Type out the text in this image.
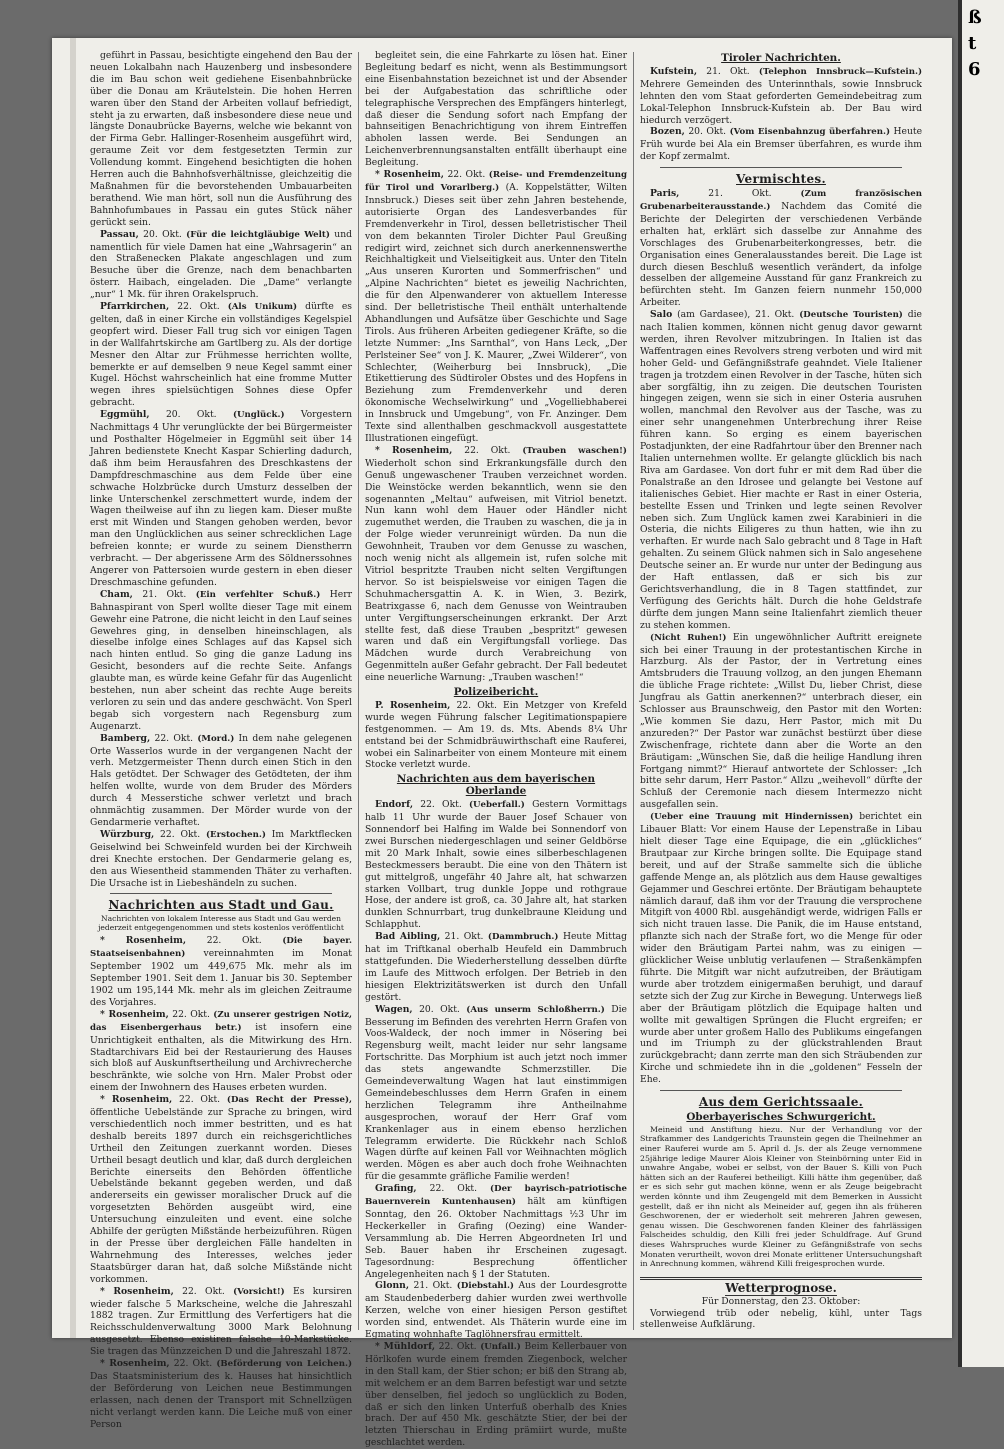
geführt in Passau, besichtigte eingehend den Bau der neuen Lokalbahn nach Hauzenberg und insbesondere die im Bau schon weit gediehene Eisenbahnbrücke über die Donau am Kräutelstein. Die hohen Herren waren über den Stand der Arbeiten vollauf befriedigt, steht ja zu erwarten, daß insbesondere diese neue und längste Donaubrücke Bayerns, welche wie bekannt von der Firma Gebr. Hallinger-Rosenheim ausgeführt wird, geraume Zeit vor dem festgesetzten Termin zur Vollendung kommt. Eingehend besichtigten die hohen Herren auch die Bahnhofsverhältnisse, gleichzeitig die Maßnahmen für die bevorstehenden Umbauarbeiten berathend. Wie man hört, soll nun die Ausführung des Bahnhofumbaues in Passau ein gutes Stück näher gerückt sein.

Passau, 20. Okt. (Für die leichtgläubige Welt) und namentlich für viele Damen hat eine „Wahrsagerin“ an den Straßenecken Plakate angeschlagen und zum Besuche über die Grenze, nach dem benachbarten österr. Haibach, eingeladen. Die „Dame“ verlangte „nur“ 1 Mk. für ihren Orakelspruch.

Pfarrkirchen, 22. Okt. (Als Unikum) dürfte es gelten, daß in einer Kirche ein vollständiges Kegelspiel geopfert wird. Dieser Fall trug sich vor einigen Tagen in der Wallfahrtskirche am Gartlberg zu. Als der dortige Mesner den Altar zur Frühmesse herrichten wollte, bemerkte er auf demselben 9 neue Kegel sammt einer Kugel. Höchst wahrscheinlich hat eine fromme Mutter wegen ihres spielsüchtigen Sohnes diese Opfer gebracht.

Eggmühl, 20. Okt. (Unglück.) Vorgestern Nachmittags 4 Uhr verunglückte der bei Bürgermeister und Posthalter Högelmeier in Eggmühl seit über 14 Jahren bedienstete Knecht Kaspar Schierling dadurch, daß ihm beim Herausfahren des Dreschkastens der Dampfdreschmaschine aus dem Felde über eine schwache Holzbrücke durch Umsturz desselben der linke Unterschenkel zerschmettert wurde, indem der Wagen theilweise auf ihn zu liegen kam. Dieser mußte erst mit Winden und Stangen gehoben werden, bevor man den Unglücklichen aus seiner schrecklichen Lage befreien konnte; er wurde zu seinem Dienstherrn verbracht. — Der abgerissene Arm des Söldnerssohnes Angerer von Pattersoien wurde gestern in eben dieser Dreschmaschine gefunden.

Cham, 21. Okt. (Ein verfehlter Schuß.) Herr Bahnaspirant von Sperl wollte dieser Tage mit einem Gewehr eine Patrone, die nicht leicht in den Lauf seines Gewehres ging, in denselben hineinschlagen, als dieselbe infolge eines Schlages auf das Kapsel sich nach hinten entlud. So ging die ganze Ladung ins Gesicht, besonders auf die rechte Seite. Anfangs glaubte man, es würde keine Gefahr für das Augenlicht bestehen, nun aber scheint das rechte Auge bereits verloren zu sein und das andere geschwächt. Von Sperl begab sich vorgestern nach Regensburg zum Augenarzt.

Bamberg, 22. Okt. (Mord.) In dem nahe gelegenen Orte Wasserlos wurde in der vergangenen Nacht der verh. Metzgermeister Thenn durch einen Stich in den Hals getödtet. Der Schwager des Getödteten, der ihm helfen wollte, wurde von dem Bruder des Mörders durch 4 Messerstiche schwer verletzt und brach ohnmächtig zusammen. Der Mörder wurde von der Gendarmerie verhaftet.

Würzburg, 22. Okt. (Erstochen.) Im Marktflecken Geiselwind bei Schweinfeld wurden bei der Kirchweih drei Knechte erstochen. Der Gendarmerie gelang es, den aus Wiesentheid stammenden Thäter zu verhaften. Die Ursache ist in Liebeshändeln zu suchen.

Nachrichten aus Stadt und Gau.
Nachrichten von lokalem Interesse aus Stadt und Gau werden jederzeit entgegengenommen und stets kostenlos veröffentlicht

* Rosenheim, 22. Okt. (Die bayer. Staatseisenbahnen) vereinnahmten im Monat September 1902 um 449,675 Mk. mehr als im September 1901. Seit dem 1. Januar bis 30. September 1902 um 195,144 Mk. mehr als im gleichen Zeitraume des Vorjahres.

* Rosenheim, 22. Okt. (Zu unserer gestrigen Notiz, das Eisenbergerhaus betr.) ist insofern eine Unrichtigkeit enthalten, als die Mitwirkung des Hrn. Stadtarchivars Eid bei der Restaurierung des Hauses sich bloß auf Auskunftsertheilung und Archivrecherche beschränkte, wie solche von Hrn. Maler Probst oder einem der Inwohnern des Hauses erbeten wurden.

* Rosenheim, 22. Okt. (Das Recht der Presse), öffentliche Uebelstände zur Sprache zu bringen, wird verschiedentlich noch immer bestritten, und es hat deshalb bereits 1897 durch ein reichsgerichtliches Urtheil den Zeitungen zuerkannt worden. Dieses Urtheil besagt deutlich und klar, daß durch dergleichen Berichte einerseits den Behörden öffentliche Uebelstände bekannt gegeben werden, und daß andererseits ein gewisser moralischer Druck auf die vorgesetzten Behörden ausgeübt wird, eine Untersuchung einzuleiten und event. eine solche Abhilfe der gerügten Mißstände herbeizuführen. Rügen in der Presse über dergleichen Fälle handelten in Wahrnehmung des Interesses, welches jeder Staatsbürger daran hat, daß solche Mißstände nicht vorkommen.

* Rosenheim, 22. Okt. (Vorsicht!) Es kursiren wieder falsche 5 Markscheine, welche die Jahreszahl 1882 tragen. Zur Ermittlung des Verfertigers hat die Reichsschuldenverwaltung 3000 Mark Belohnung ausgesetzt. Ebenso existiren falsche 10-Markstücke. Sie tragen das Münzzeichen D und die Jahreszahl 1872.

* Rosenheim, 22. Okt. (Beförderung von Leichen.) Das Staatsministerium des k. Hauses hat hinsichtlich der Beförderung von Leichen neue Bestimmungen erlassen, nach denen der Transport mit Schnellzügen nicht verlangt werden kann. Die Leiche muß von einer Person

begleitet sein, die eine Fahrkarte zu lösen hat. Einer Begleitung bedarf es nicht, wenn als Bestimmungsort eine Eisenbahnstation bezeichnet ist und der Absender bei der Aufgabestation das schriftliche oder telegraphische Versprechen des Empfängers hinterlegt, daß dieser die Sendung sofort nach Empfang der bahnseitigen Benachrichtigung von ihrem Eintreffen abholen lassen werde. Bei Sendungen an Leichenverbrennungsanstalten entfällt überhaupt eine Begleitung.

* Rosenheim, 22. Okt. (Reise- und Fremdenzeitung für Tirol und Vorarlberg.) (A. Koppelstätter, Wilten Innsbruck.) Dieses seit über zehn Jahren bestehende, autorisierte Organ des Landesverbandes für Fremdenverkehr in Tirol, dessen belletristischer Theil von dem bekannten Tiroler Dichter Paul Greußing redigirt wird, zeichnet sich durch anerkennenswerthe Reichhaltigkeit und Vielseitigkeit aus. Unter den Titeln „Aus unseren Kurorten und Sommerfrischen“ und „Alpine Nachrichten“ bietet es jeweilig Nachrichten, die für den Alpenwanderer von aktuellem Interesse sind. Der belletristische Theil enthält unterhaltende Abhandlungen und Aufsätze über Geschichte und Sage Tirols. Aus früheren Arbeiten gediegener Kräfte, so die letzte Nummer: „Ins Sarnthal“, von Hans Leck, „Der Perlsteiner See“ von J. K. Maurer, „Zwei Wilderer“, von Schlechter, (Weiherburg bei Innsbruck), „Die Etikettierung des Südtiroler Obstes und des Hopfens in Beziehung zum Fremdenverkehr und deren ökonomische Wechselwirkung“ und „Vogelliebhaberei in Innsbruck und Umgebung“, von Fr. Anzinger. Dem Texte sind allenthalben geschmackvoll ausgestattete Illustrationen eingefügt.

* Rosenheim, 22. Okt. (Trauben waschen!) Wiederholt schon sind Erkrankungsfälle durch den Genuß ungewaschener Trauben verzeichnet worden. Die Weinstöcke werden bekanntlich, wenn sie den sogenannten „Meltau“ aufweisen, mit Vitriol benetzt. Nun kann wohl dem Hauer oder Händler nicht zugemuthet werden, die Trauben zu waschen, die ja in der Folge wieder verunreinigt würden. Da nun die Gewohnheit, Trauben vor dem Genusse zu waschen, noch wenig nicht als allgemein ist, rufen solche mit Vitriol bespritzte Trauben nicht selten Vergiftungen hervor. So ist beispielsweise vor einigen Tagen die Schuhmachersgattin A. K. in Wien, 3. Bezirk, Beatrixgasse 6, nach dem Genusse von Weintrauben unter Vergiftungserscheinungen erkrankt. Der Arzt stellte fest, daß diese Trauben „bespritzt“ gewesen waren und daß ein Vergiftungsfall vorliege. Das Mädchen wurde durch Verabreichung von Gegenmitteln außer Gefahr gebracht. Der Fall bedeutet eine neuerliche Warnung: „Trauben waschen!“

Polizeibericht.

P. Rosenheim, 22. Okt. Ein Metzger von Krefeld wurde wegen Führung falscher Legitimationspapiere festgenommen. — Am 19. ds. Mts. Abends 8¼ Uhr entstand bei der Schmidbräuwirthschaft eine Rauferei, wobei ein Salinarbeiter von einem Monteure mit einem Stocke verletzt wurde.

Nachrichten aus dem bayerischen Oberlande

Endorf, 22. Okt. (Ueberfall.) Gestern Vormittags halb 11 Uhr wurde der Bauer Josef Schauer von Sonnendorf bei Halfing im Walde bei Sonnendorf von zwei Burschen niedergeschlagen und seiner Geldbörse mit 20 Mark Inhalt, sowie eines silberbeschlagenen Besteckmessers beraubt. Die eine von den Thätern ist gut mittelgroß, ungefähr 40 Jahre alt, hat schwarzen starken Vollbart, trug dunkle Joppe und rothgraue Hose, der andere ist groß, ca. 30 Jahre alt, hat starken dunklen Schnurrbart, trug dunkelbraune Kleidung und Schlapphut.

Bad Aibling, 21. Okt. (Dammbruch.) Heute Mittag hat im Triftkanal oberhalb Heufeld ein Dammbruch stattgefunden. Die Wiederherstellung desselben dürfte im Laufe des Mittwoch erfolgen. Der Betrieb in den hiesigen Elektrizitätswerken ist durch den Unfall gestört.

Wagen, 20. Okt. (Aus unserm Schloßherrn.) Die Besserung im Befinden des verehrten Herrn Grafen von Voos-Waldeck, der noch immer in Nösering bei Regensburg weilt, macht leider nur sehr langsame Fortschritte. Das Morphium ist auch jetzt noch immer das stets angewandte Schmerzstiller. Die Gemeindeverwaltung Wagen hat laut einstimmigen Gemeindebeschlusses dem Herrn Grafen in einem herzlichen Telegramm ihre Antheilnahme ausgesprochen, worauf der Herr Graf vom Krankenlager aus in einem ebenso herzlichen Telegramm erwiderte. Die Rückkehr nach Schloß Wagen dürfte auf keinen Fall vor Weihnachten möglich werden. Mögen es aber auch doch frohe Weihnachten für die gesammte gräfliche Familie werden!

Grafing, 22. Okt. (Der bayrisch-patriotische Bauernverein Kuntenhausen) hält am künftigen Sonntag, den 26. Oktober Nachmittags ½3 Uhr im Heckerkeller in Grafing (Oezing) eine Wander-Versammlung ab. Die Herren Abgeordneten Irl und Seb. Bauer haben ihr Erscheinen zugesagt. Tagesordnung: Besprechung öffentlicher Angelegenheiten nach § 1 der Statuten.

Glonn, 21. Okt. (Diebstahl.) Aus der Lourdesgrotte am Staudenbederberg dahier wurden zwei werthvolle Kerzen, welche von einer hiesigen Person gestiftet worden sind, entwendet. Als Thäterin wurde eine im Egmating wohnhafte Taglöhnersfrau ermittelt.

* Mühldorf, 22. Okt. (Unfall.) Beim Kellerbauer von Hörlkofen wurde einem fremden Ziegenbock, welcher in den Stall kam, der Stier schon; er biß den Strang ab, mit welchem er an dem Barren befestigt war und setzte über denselben, fiel jedoch so unglücklich zu Boden, daß er sich den linken Unterfuß oberhalb des Knies brach. Der auf 450 Mk. geschätzte Stier, der bei der letzten Thierschau in Erding prämiirt wurde, mußte geschlachtet werden.

Tiroler Nachrichten.

Kufstein, 21. Okt. (Telephon Innsbruck—Kufstein.) Mehrere Gemeinden des Unterinnthals, sowie Innsbruck lehnten den vom Staat geforderten Gemeindebeitrag zum Lokal-Telephon Innsbruck-Kufstein ab. Der Bau wird hiedurch verzögert.

Bozen, 20. Okt. (Vom Eisenbahnzug überfahren.) Heute Früh wurde bei Ala ein Bremser überfahren, es wurde ihm der Kopf zermalmt.

Vermischtes.

Paris,	21. Okt.	(Zum französischen Grubenarbeiterausstande.) Nachdem das Comité die Berichte der Delegirten der verschiedenen Verbände erhalten hat, erklärt sich dasselbe zur Annahme des Vorschlages des Grubenarbeiterkongresses, betr. die Organisation eines Generalausstandes bereit. Die Lage ist durch diesen Beschluß wesentlich verändert, da infolge desselben der allgemeine Ausstand für ganz Frankreich zu befürchten steht. Im Ganzen feiern nunmehr 150,000 Arbeiter.

Salo (am Gardasee), 21. Okt. (Deutsche Touristen) die nach Italien kommen, können nicht genug davor gewarnt werden, ihren Revolver mitzubringen. In Italien ist das Waffentragen eines Revolvers streng verboten und wird mit hoher Geld- und Gefängnißstrafe geahndet. Viele Italiener tragen ja trotzdem einen Revolver in der Tasche, hüten sich aber sorgfältig, ihn zu zeigen. Die deutschen Touristen hingegen zeigen, wenn sie sich in einer Osteria ausruhen wollen, manchmal den Revolver aus der Tasche, was zu einer sehr unangenehmen Unterbrechung ihrer Reise führen kann. So erging es einem bayerischen Postadjunkten, der eine Radfahrtour über den Brenner nach Italien unternehmen wollte. Er gelangte glücklich bis nach Riva am Gardasee. Von dort fuhr er mit dem Rad über die Ponalstraße an den Idrosee und gelangte bei Vestone auf italienisches Gebiet. Hier machte er Rast in einer Osteria, bestellte Essen und Trinken und legte seinen Revolver neben sich. Zum Unglück kamen zwei Karabinieri in die Osteria, die nichts Eiligeres zu thun hatten, wie ihn zu verhaften. Er wurde nach Salo gebracht und 8 Tage in Haft gehalten. Zu seinem Glück nahmen sich in Salo angesehene Deutsche seiner an. Er wurde nur unter der Bedingung aus der Haft entlassen, daß er sich bis zur Gerichtsverhandlung, die in 8 Tagen stattfindet, zur Verfügung des Gerichts hält. Durch die hohe Geldstrafe dürfte dem jungen Mann seine Italienfahrt ziemlich theuer zu stehen kommen.

(Nicht Ruhen!) Ein ungewöhnlicher Auftritt ereignete sich bei einer Trauung in der protestantischen Kirche in Harzburg. Als der Pastor, der in Vertretung eines Amtsbruders die Trauung vollzog, an den jungen Ehemann die übliche Frage richtete: „Willst Du, lieber Christ, diese Jungfrau als Gattin anerkennen?“ unterbrach dieser, ein Schlosser aus Braunschweig, den Pastor mit den Worten: „Wie kommen Sie dazu, Herr Pastor, mich mit Du anzureden?“ Der Pastor war zunächst bestürzt über diese Zwischenfrage, richtete dann aber die Worte an den Bräutigam: „Wünschen Sie, daß die heilige Handlung ihren Fortgang nimmt?“ Hierauf antwortete der Schlosser: „Ich bitte sehr darum, Herr Pastor.“ Allzu „weihevoll“ dürfte der Schluß der Ceremonie nach diesem Intermezzo nicht ausgefallen sein.

(Ueber eine Trauung mit Hindernissen) berichtet ein Libauer Blatt: Vor einem Hause der Lepenstraße in Libau hielt dieser Tage eine Equipage, die ein „glückliches“ Brautpaar zur Kirche bringen sollte. Die Equipage stand bereit, und auf der Straße sammelte sich die übliche gaffende Menge an, als plötzlich aus dem Hause gewaltiges Gejammer und Geschrei ertönte. Der Bräutigam behauptete nämlich darauf, daß ihm vor der Trauung die versprochene Mitgift von 4000 Rbl. ausgehändigt werde, widrigen Falls er sich nicht trauen lasse. Die Panik, die im Hause entstand, pflanzte sich nach der Straße fort, wo die Menge für oder wider den Bräutigam Partei nahm, was zu einigen — glücklicher Weise unblutig verlaufenen — Straßenkämpfen führte. Die Mitgift war nicht aufzutreiben, der Bräutigam wurde aber trotzdem einigermaßen beruhigt, und darauf setzte sich der Zug zur Kirche in Bewegung. Unterwegs ließ aber der Bräutigam plötzlich die Equipage halten und wollte mit gewaltigen Sprüngen die Flucht ergreifen; er wurde aber unter großem Hallo des Publikums eingefangen und im Triumph zu der glückstrahlenden Braut zurückgebracht; dann zerrte man den sich Sträubenden zur Kirche und schmiedete ihn in die „goldenen“ Fesseln der Ehe.

Aus dem Gerichtssaale.
Oberbayerisches Schwurgericht.

Meineid und Anstiftung hiezu. Nur der Verhandlung vor der Strafkammer des Landgerichts Traunstein gegen die Theilnehmer an einer Rauferei wurde am 5. April d. Js. der als Zeuge vernommene 25jährige ledige Maurer Alois Kleiner von Steinbörning unter Eid in unwahre Angabe, wobei er selbst, von der Bauer S. Killi von Puch hätten sich an der Rauferei betheiligt. Killi hätte ihm gegenüber, daß er es sich sehr gut machen könne, wenn er als Zeuge beigebracht werden könnte und ihm Zeugengeld mit dem Bemerken in Aussicht gestellt, daß er ihn nicht als Meineider auf, gegen ihn als früheren Geschworenen, der er wiederholt seit mehreren Jahren gewesen, genau wissen. Die Geschworenen fanden Kleiner des fahrlässigen Falscheides schuldig, den Killi frei jeder Schuldfrage. Auf Grund dieses Wahrspruches wurde Kleiner zu Gefängnißstrafe von sechs Monaten verurtheilt, wovon drei Monate erlittener Untersuchungshaft in Anrechnung kommen, während Killi freigesprochen wurde.

Wetterprognose.
Für Donnerstag, den 23. Oktober:

Vorwiegend trüb oder nebelig, kühl, unter Tags stellenweise Aufklärung.

ß
t
6
